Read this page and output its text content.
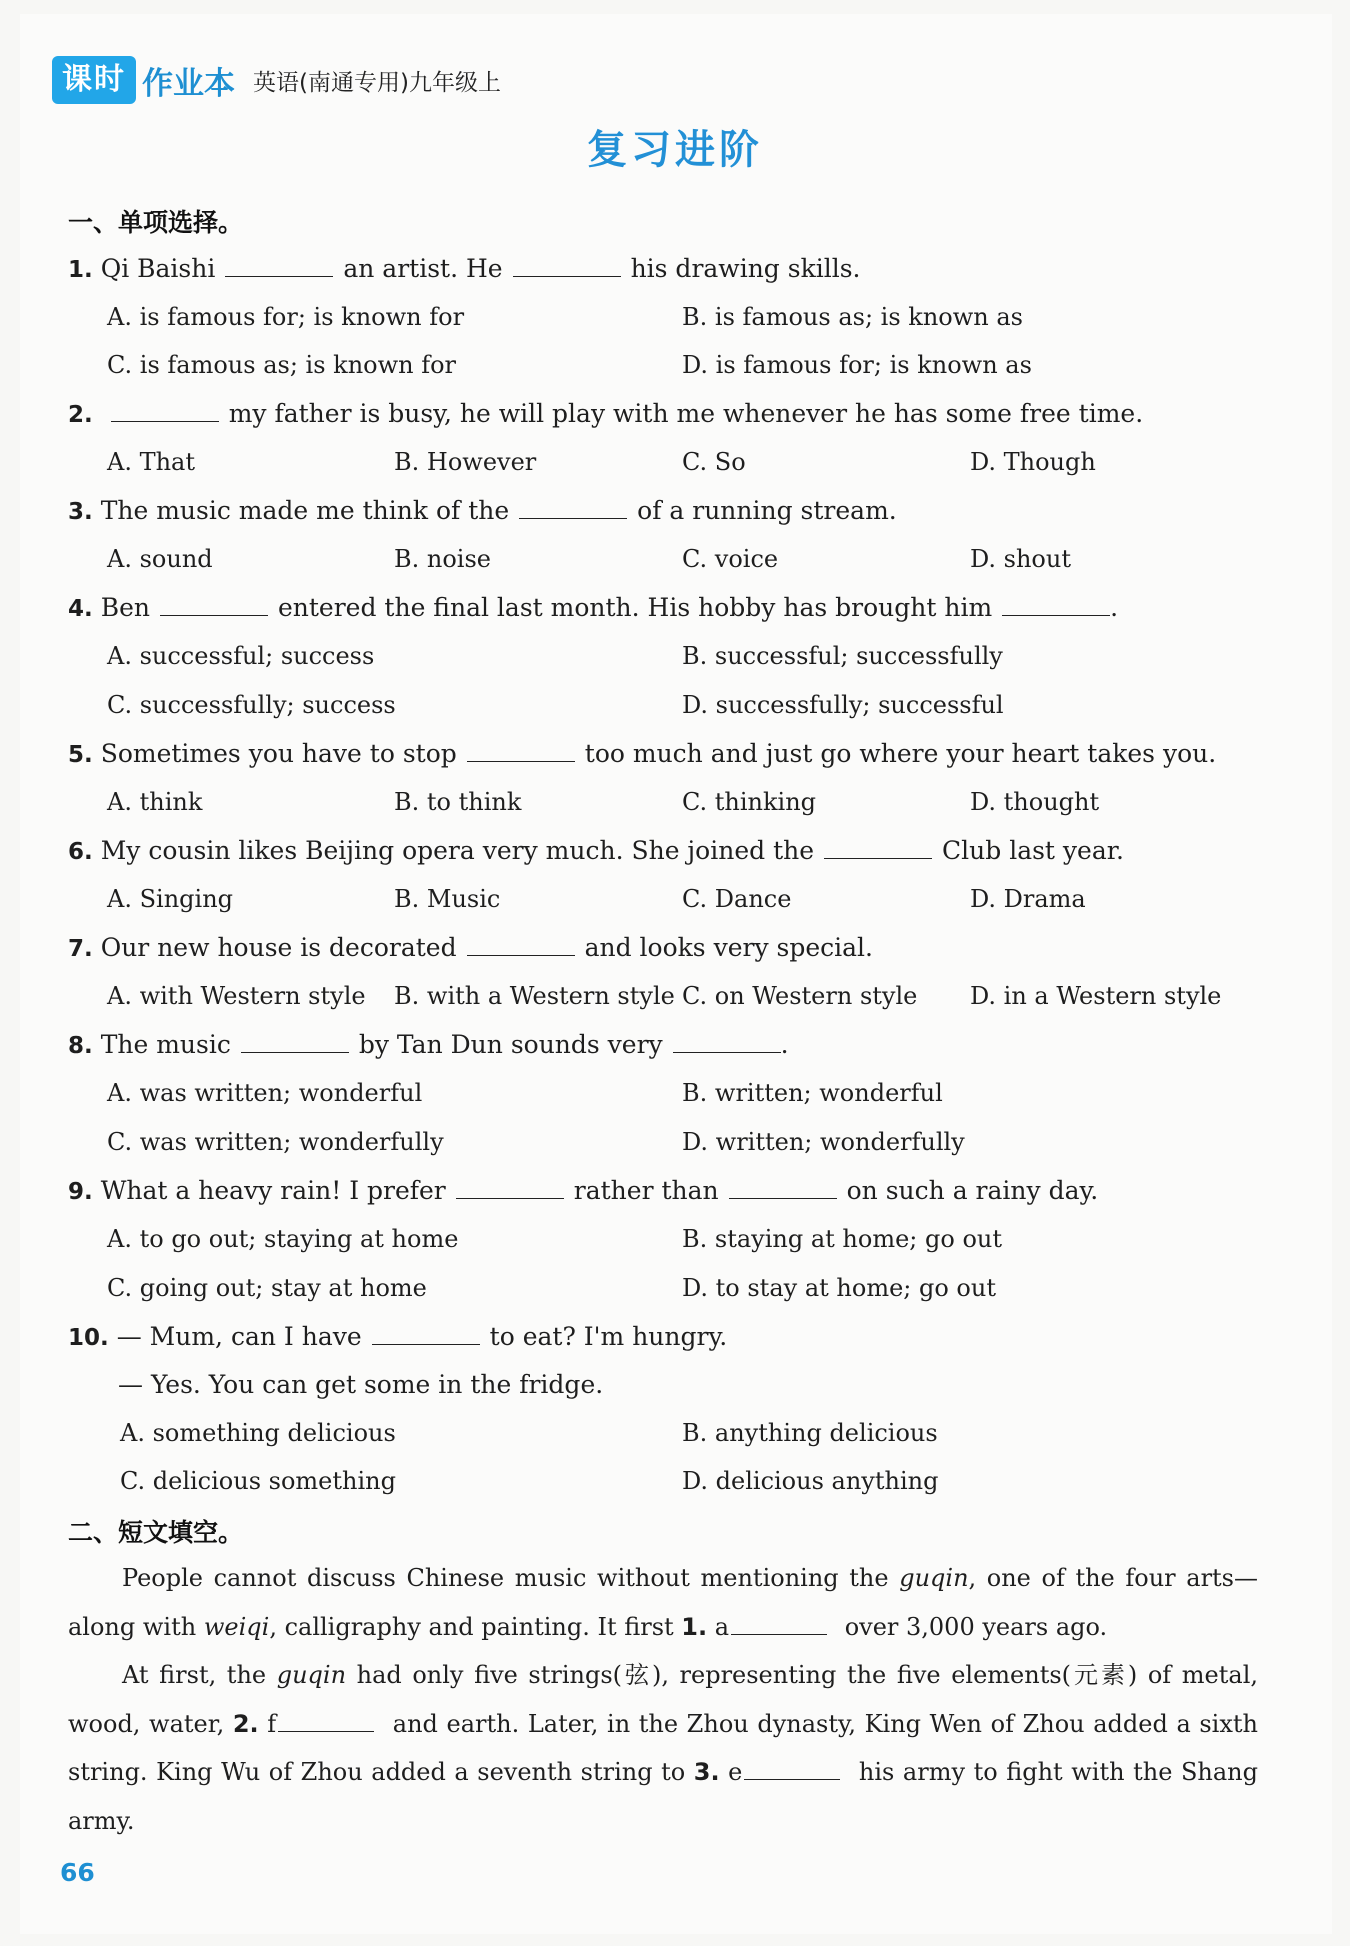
课时 作业本 英语(南通专用)九年级上
复习进阶
一、单项选择。
1. Qi Baishi	an artist. He	his drawing skills.
A. is famous for; is known for	B. is famous as; is known as
C. is famous as; is known for	D. is famous for; is known as
2.	my father is busy, he will play with me whenever he has some free time.
A. That	B. However	C. So	D. Though
3. The music made me think of the	of a running stream.
A. sound	B. noise	C. voice	D. shout
4. Ben	entered the final last month. His hobby has brought him	.
A. successful; success	B. successful; successfully
C. successfully; success	D. successfully; successful
5. Sometimes you have to stop	too much and just go where your heart takes you.
A. think	B. to think	C. thinking	D. thought
6. My cousin likes Beijing opera very much. She joined the	Club last year.
A. Singing	B. Music	C. Dance	D. Drama
7. Our new house is decorated	and looks very special.
A. with Western style B. with a Western style C. on Western style D. in a Western style
8. The music	by Tan Dun sounds very	.
A. was written; wonderful	B. written; wonderful
C. was written; wonderfully	D. written; wonderfully
9. What a heavy rain! I prefer	rather than	on such a rainy day.
A. to go out; staying at home	B. staying at home; go out
C. going out; stay at home	D. to stay at home; go out
10. — Mum, can I have	to eat? I'm hungry.
— Yes. You can get some in the fridge.
A. something delicious	B. anything delicious
C. delicious something	D. delicious anything
二、短文填空。
People cannot discuss Chinese music without mentioning the guqin, one of the four arts—along with weiqi, calligraphy and painting. It first 1. a	over 3,000 years ago.
At first, the guqin had only five strings(弦), representing the five elements(元素) of metal, wood, water, 2. f	and earth. Later, in the Zhou dynasty, King Wen of Zhou added a sixth string. King Wu of Zhou added a seventh string to 3. e	his army to fight with the Shang army.
66
